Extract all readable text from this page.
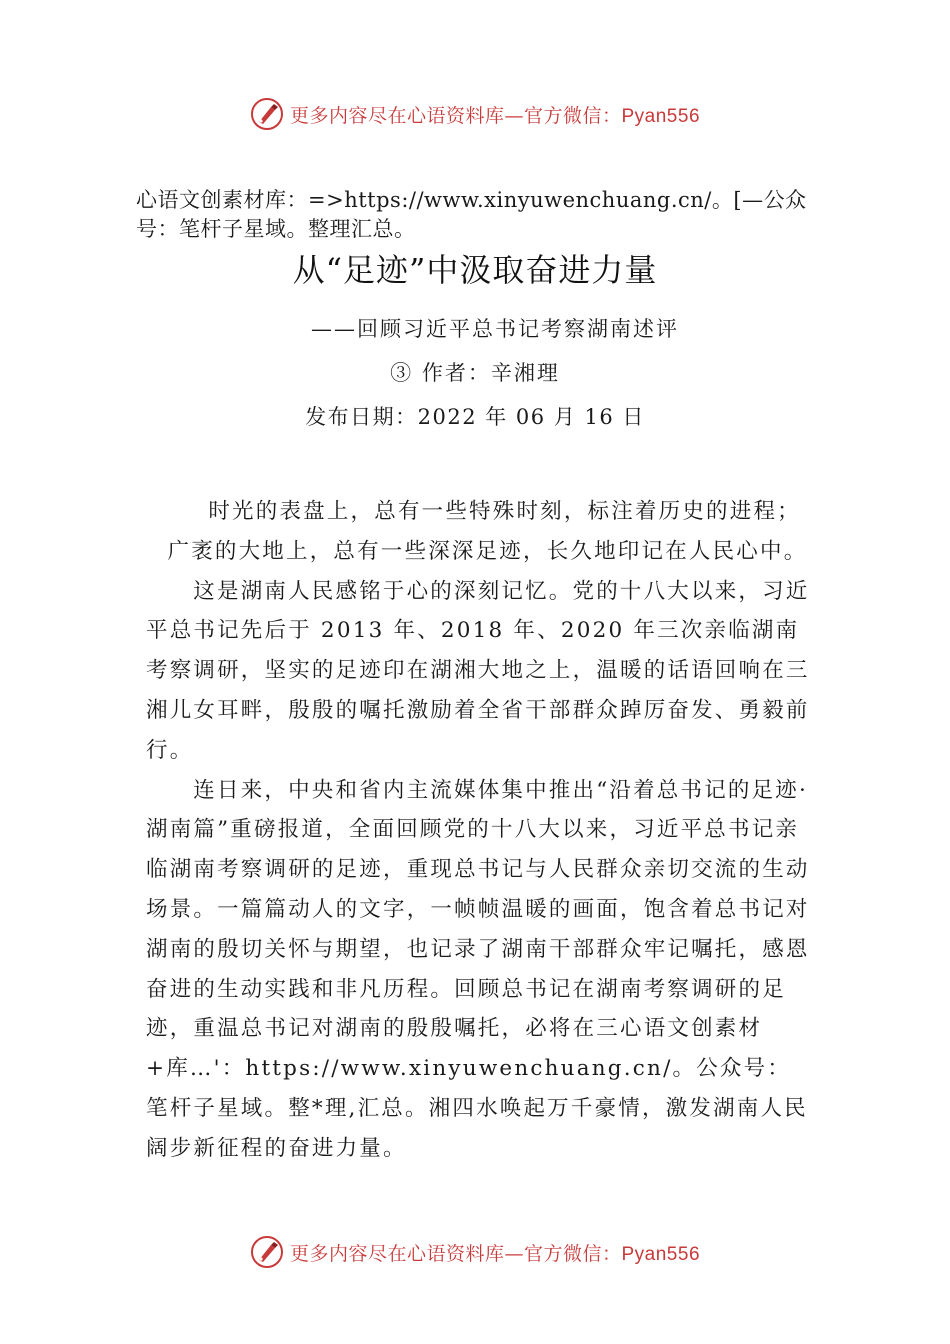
更多内容尽在心语资料库—官方微信：Pyan556
心语文创素材库：=>https://www.xinyuwenchuang.cn/。[—公众号：笔杆子星域。整理汇总。
从“足迹”中汲取奋进力量
——回顾习近平总书记考察湖南述评
③ 作者：辛湘理
发布日期：2022 年 06 月 16 日

时光的表盘上，总有一些特殊时刻，标注着历史的进程；

广袤的大地上，总有一些深深足迹，长久地印记在人民心中。

这是湖南人民感铭于心的深刻记忆。党的十八大以来，习近平总书记先后于 2013 年、2018 年、2020 年三次亲临湖南考察调研，坚实的足迹印在湖湘大地之上，温暖的话语回响在三湘儿女耳畔，殷殷的嘱托激励着全省干部群众踔厉奋发、勇毅前行。

连日来，中央和省内主流媒体集中推出“沿着总书记的足迹·湖南篇”重磅报道，全面回顾党的十八大以来，习近平总书记亲临湖南考察调研的足迹，重现总书记与人民群众亲切交流的生动场景。一篇篇动人的文字，一帧帧温暖的画面，饱含着总书记对湖南的殷切关怀与期望，也记录了湖南干部群众牢记嘱托，感恩奋进的生动实践和非凡历程。回顾总书记在湖南考察调研的足迹，重温总书记对湖南的殷殷嘱托，必将在三心语文创素材+库…'：https://www.xinyuwenchuang.cn/。公众号：笔杆子星域。整*理,汇总。湘四水唤起万千豪情，激发湖南人民阔步新征程的奋进力量。

更多内容尽在心语资料库—官方微信：Pyan556
